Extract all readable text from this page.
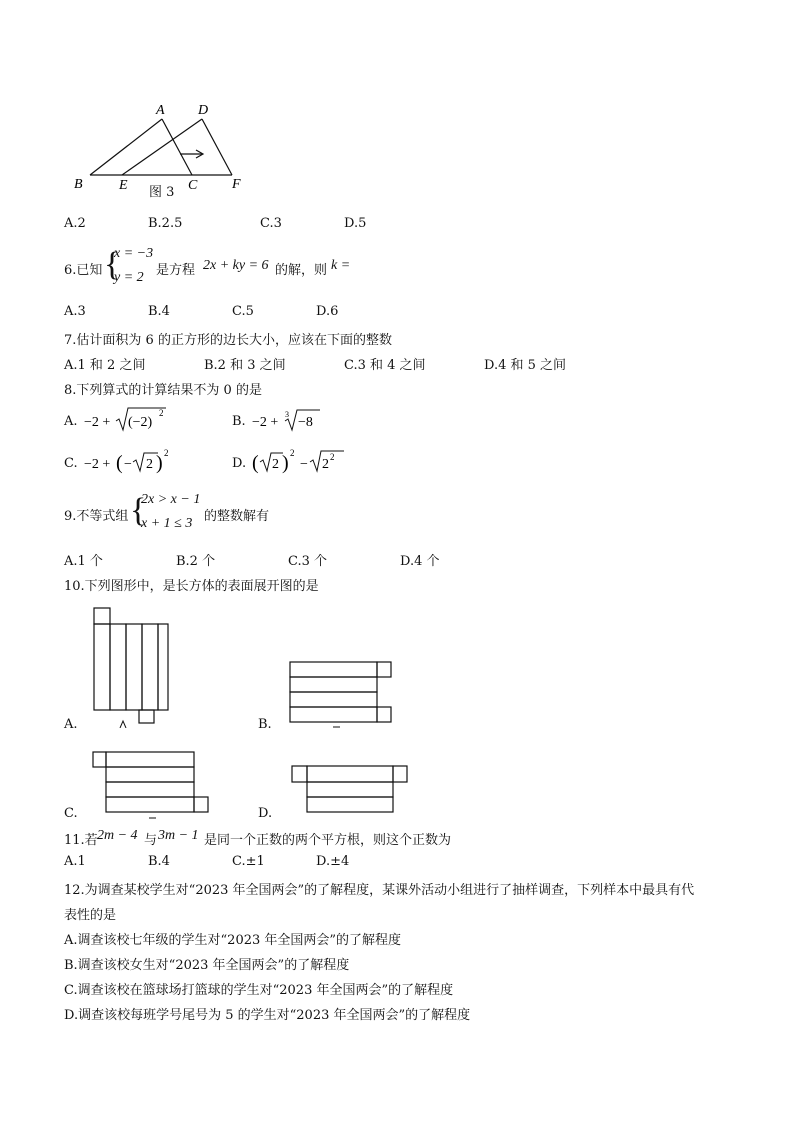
A D
B	E	C F
图 3
A.2	B.2.5	C.3	D.5
6.已知 {
x = −3
y = 2 是方程 2x + ky = 6 的解，则 k =
A.3	B.4	C.5	D.6
7.估计面积为 6 的正方形的边长大小，应该在下面的整数
A.1 和 2 之间	B.2 和 3 之间	C.3 和 4 之间	D.4 和 5 之间
8.下列算式的计算结果不为 0 的是
A. −2 + (−2)
2
B. −2 +
3
−8
C. −2 + ( − 2 ) 2
D. ( 2 ) 2
− 2 2
9.不等式组 {
2x > x − 1
x + 1 ≤ 3 的整数解有
A.1 个	B.2 个	C.3 个	D.4 个
10.下列图形中，是长方体的表面展开图的是
A.	B.
C.	D.
11.若 2m − 4 与 3m − 1 是同一个正数的两个平方根，则这个正数为
A.1	B.4	C.±1	D.±4
12.为调查某校学生对“2023 年全国两会”的了解程度，某课外活动小组进行了抽样调查，下列样本中最具有代
表性的是
A.调查该校七年级的学生对“2023 年全国两会”的了解程度
B.调查该校女生对“2023 年全国两会”的了解程度
C.调查该校在篮球场打篮球的学生对“2023 年全国两会”的了解程度
D.调查该校每班学号尾号为 5 的学生对“2023 年全国两会”的了解程度
